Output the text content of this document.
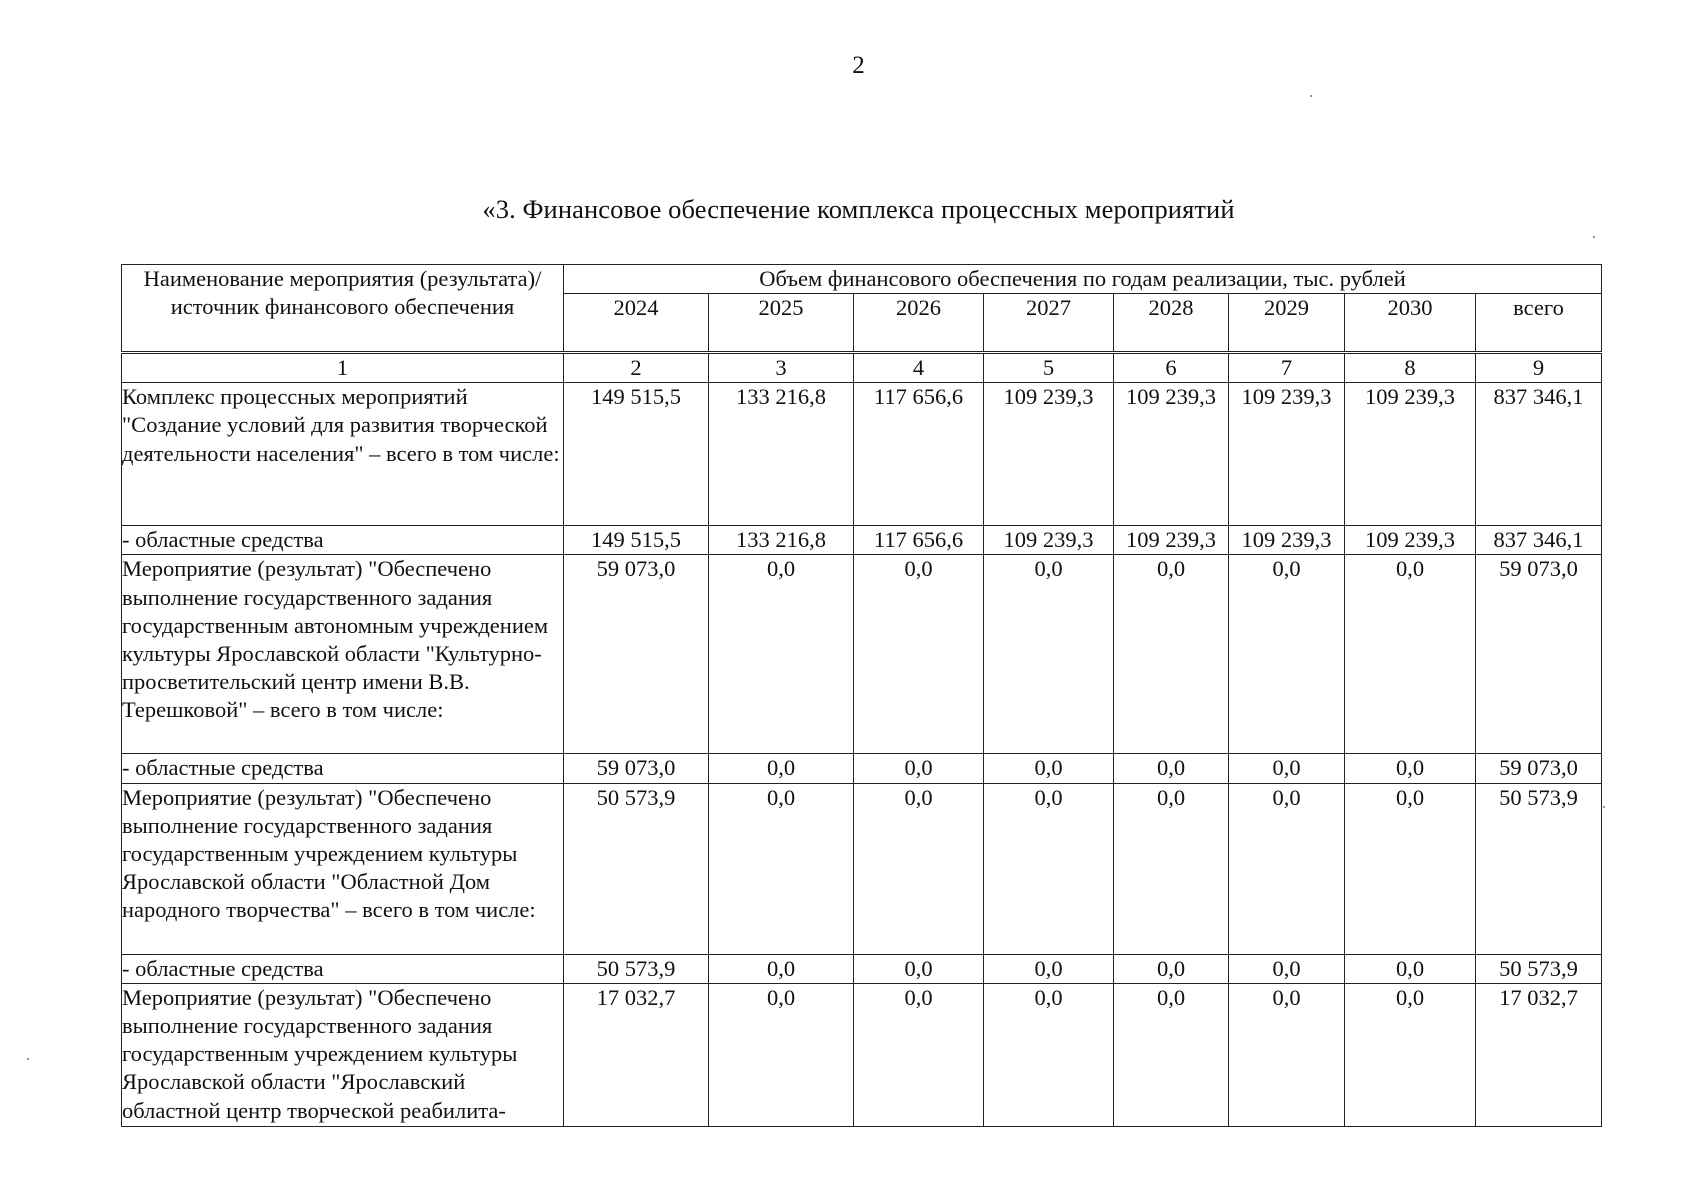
2
«3. Финансовое обеспечение комплекса процессных мероприятий
Наименование мероприятия (результата)/ источник финансового обеспечения	Объем финансового обеспечения по годам реализации, тыс. рублей							
	2024	2025	2026	2027	2028	2029	2030	всего
1	2	3	4	5	6	7	8	9
Комплекс процессных мероприятий "Создание условий для развития творческой деятельности населения" – всего в том числе:	149 515,5	133 216,8	117 656,6	109 239,3	109 239,3	109 239,3	109 239,3	837 346,1
- областные средства	149 515,5	133 216,8	117 656,6	109 239,3	109 239,3	109 239,3	109 239,3	837 346,1
Мероприятие (результат) "Обеспечено выполнение государственного задания государственным автономным учреждением культуры Ярославской области "Культурно-просветительский центр имени В.В. Терешковой" – всего в том числе:	59 073,0	0,0	0,0	0,0	0,0	0,0	0,0	59 073,0
- областные средства	59 073,0	0,0	0,0	0,0	0,0	0,0	0,0	59 073,0
Мероприятие (результат) "Обеспечено выполнение государственного задания государственным учреждением культуры Ярославской области "Областной Дом народного творчества" – всего в том числе:	50 573,9	0,0	0,0	0,0	0,0	0,0	0,0	50 573,9
- областные средства	50 573,9	0,0	0,0	0,0	0,0	0,0	0,0	50 573,9
Мероприятие (результат) "Обеспечено выполнение государственного задания государственным учреждением культуры Ярославской области "Ярославский областной центр творческой реабилита-	17 032,7	0,0	0,0	0,0	0,0	0,0	0,0	17 032,7
